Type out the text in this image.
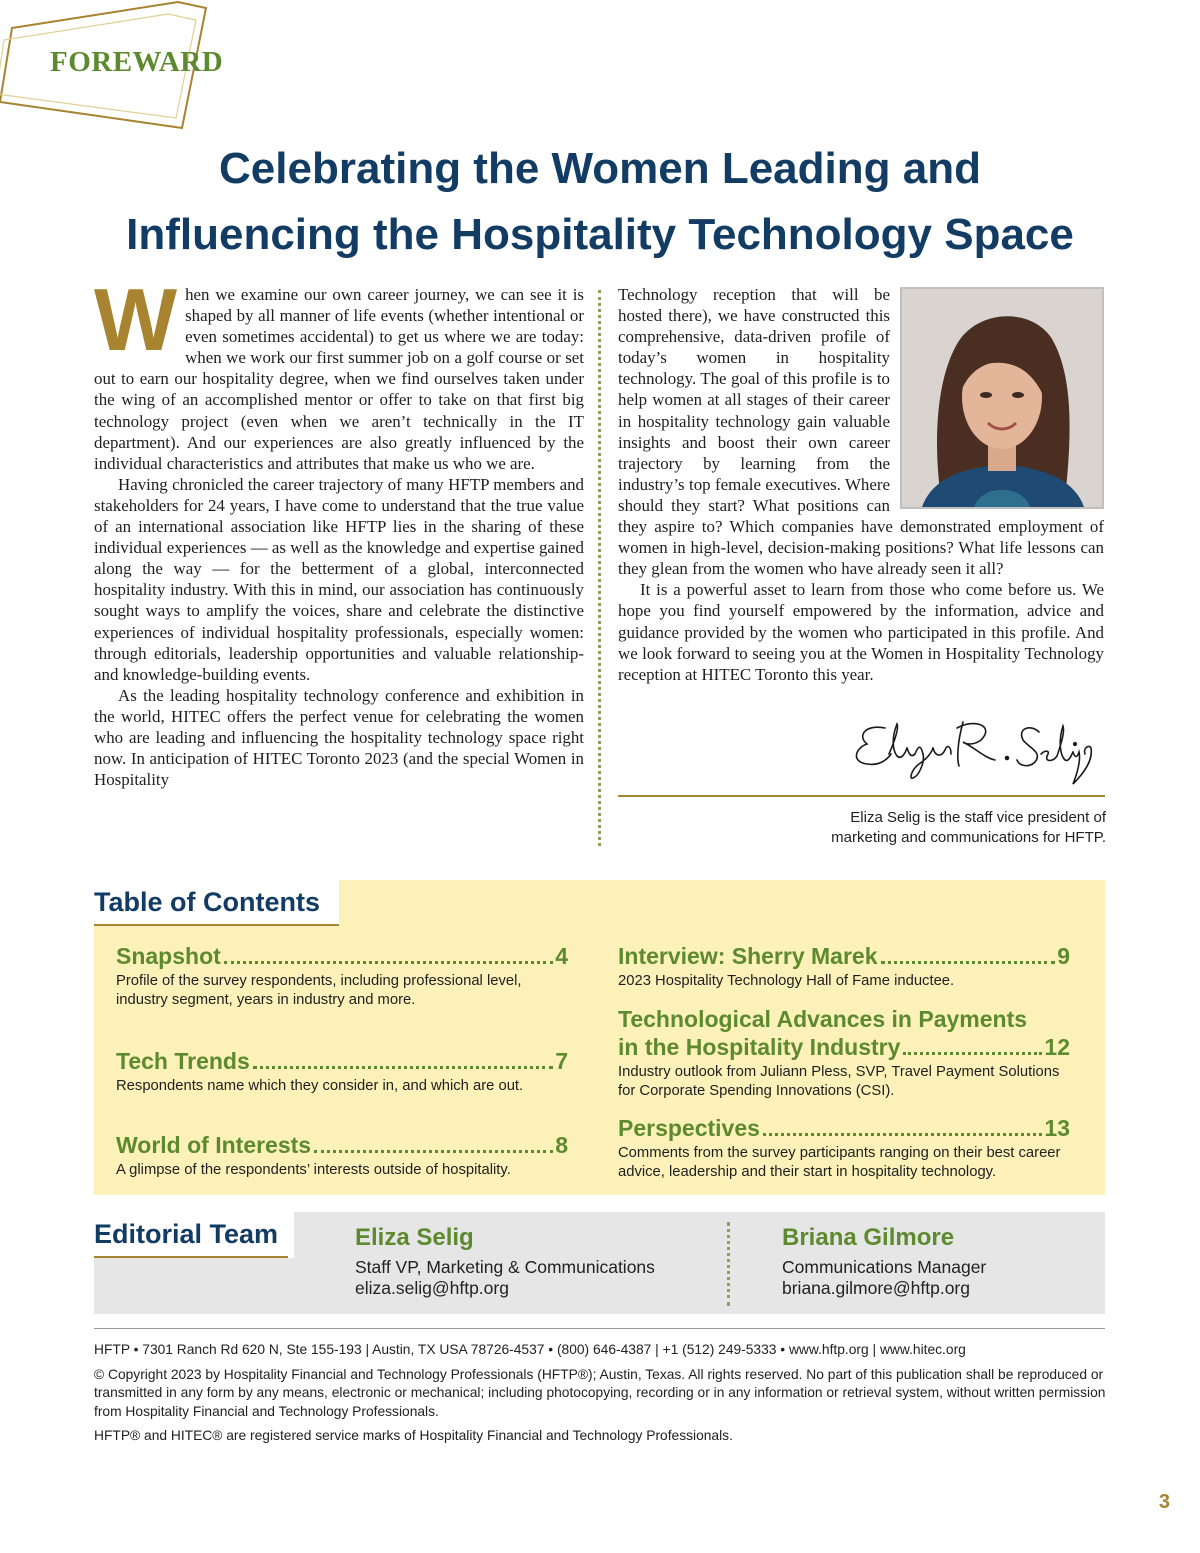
FOREWARD
Celebrating the Women Leading and
Influencing the Hospitality Technology Space

When we examine our own career journey, we can see it is shaped by all manner of life events (whether intentional or even sometimes accidental) to get us where we are today: when we work our first summer job on a golf course or set out to earn our hospitality degree, when we find ourselves taken under the wing of an accomplished mentor or offer to take on that first big technology project (even when we aren’t technically in the IT department). And our experiences are also greatly influenced by the individual characteristics and attributes that make us who we are.

Having chronicled the career trajectory of many HFTP members and stakeholders for 24 years, I have come to understand that the true value of an international association like HFTP lies in the sharing of these individual experiences — as well as the knowledge and expertise gained along the way — for the betterment of a global, interconnected hospitality industry. With this in mind, our association has continuously sought ways to amplify the voices, share and celebrate the distinctive experiences of individual hospitality professionals, especially women: through editorials, leadership opportunities and valuable relationship- and knowledge-building events.

As the leading hospitality technology conference and exhibition in the world, HITEC offers the perfect venue for celebrating the women who are leading and influencing the hospitality technology space right now. In anticipation of HITEC Toronto 2023 (and the special Women in Hospitality

Technology reception that will be hosted there), we have constructed this comprehensive, data-driven profile of today’s women in hospitality technology. The goal of this profile is to help women at all stages of their career in hospitality technology gain valuable insights and boost their own career trajectory by learning from the industry’s top female executives. Where should they start? What positions can they aspire to? Which companies have demonstrated employment of women in high-level, decision-making positions? What life lessons can they glean from the women who have already seen it all?

It is a powerful asset to learn from those who come before us. We hope you find yourself empowered by the information, advice and guidance provided by the women who participated in this profile. And we look forward to seeing you at the Women in Hospitality Technology reception at HITEC Toronto this year.

Eliza Selig is the staff vice president of
marketing and communications for HFTP.
Table of Contents
Snapshot	4
Profile of the survey respondents, including professional level, industry segment, years in industry and more.
Tech Trends	7
Respondents name which they consider in, and which are out.
World of Interests	8
A glimpse of the respondents’ interests outside of hospitality.
Interview: Sherry Marek	9
2023 Hospitality Technology Hall of Fame inductee.
Technological Advances in Payments
in the Hospitality Industry	12
Industry outlook from Juliann Pless, SVP, Travel Payment Solutions for Corporate Spending Innovations (CSI).
Perspectives	13
Comments from the survey participants ranging on their best career advice, leadership and their start in hospitality technology.
Editorial Team	Eliza Selig
Staff VP, Marketing & Communications
eliza.selig@hftp.org
Briana Gilmore
Communications Manager
briana.gilmore@hftp.org

HFTP • 7301 Ranch Rd 620 N, Ste 155-193 | Austin, TX USA 78726-4537 • (800) 646-4387 | +1 (512) 249-5333 • www.hftp.org | www.hitec.org

© Copyright 2023 by Hospitality Financial and Technology Professionals (HFTP®); Austin, Texas. All rights reserved. No part of this publication shall be reproduced or transmitted in any form by any means, electronic or mechanical; including photocopying, recording or in any information or retrieval system, without written permission from Hospitality Financial and Technology Professionals.

HFTP® and HITEC® are registered service marks of Hospitality Financial and Technology Professionals.

3
